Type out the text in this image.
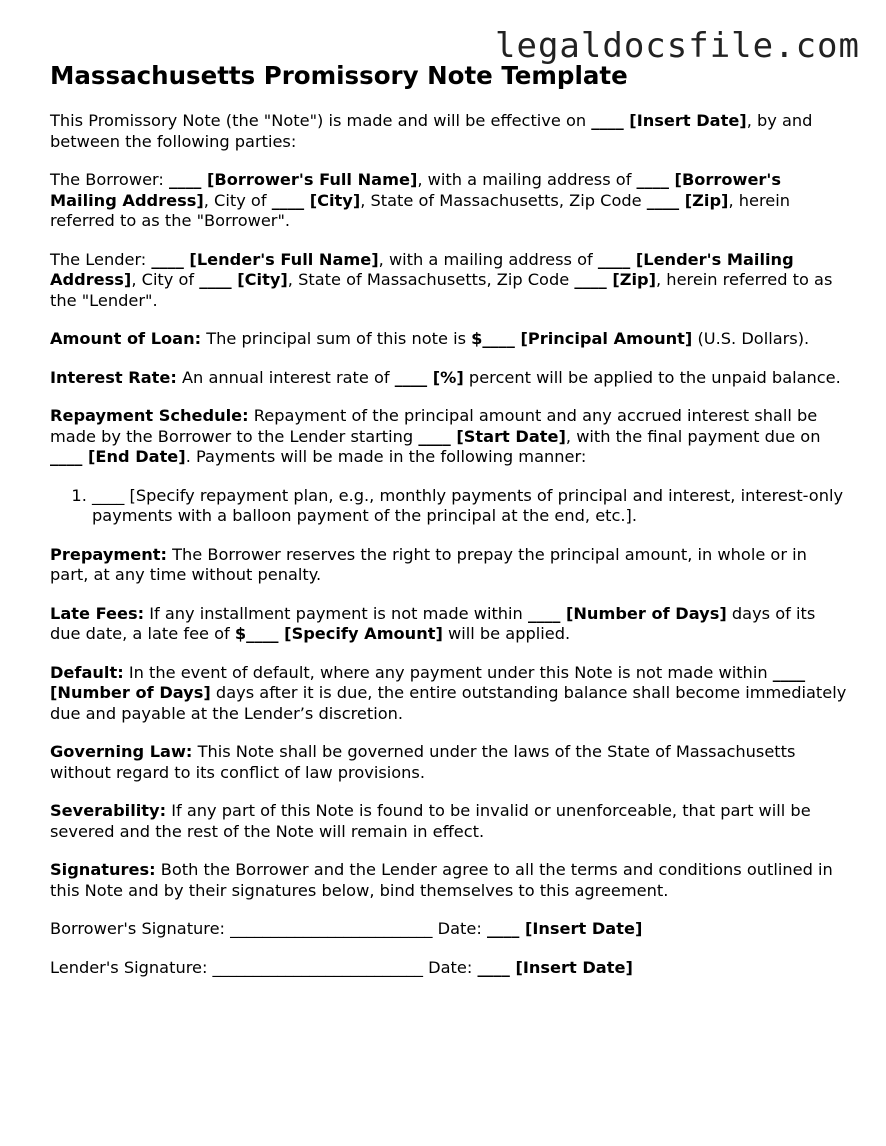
legaldocsfile.com
Massachusetts Promissory Note Template

This Promissory Note (the "Note") is made and will be effective on ____ [Insert Date], by and between the following parties:

The Borrower: ____ [Borrower's Full Name], with a mailing address of ____ [Borrower's Mailing Address], City of ____ [City], State of Massachusetts, Zip Code ____ [Zip], herein referred to as the "Borrower".

The Lender: ____ [Lender's Full Name], with a mailing address of ____ [Lender's Mailing Address], City of ____ [City], State of Massachusetts, Zip Code ____ [Zip], herein referred to as the "Lender".

Amount of Loan: The principal sum of this note is $____ [Principal Amount] (U.S. Dollars).

Interest Rate: An annual interest rate of ____ [%] percent will be applied to the unpaid balance.

Repayment Schedule: Repayment of the principal amount and any accrued interest shall be made by the Borrower to the Lender starting ____ [Start Date], with the final payment due on ____ [End Date]. Payments will be made in the following manner:

1. ____ [Specify repayment plan, e.g., monthly payments of principal and interest, interest-only payments with a balloon payment of the principal at the end, etc.].

Prepayment: The Borrower reserves the right to prepay the principal amount, in whole or in part, at any time without penalty.

Late Fees: If any installment payment is not made within ____ [Number of Days] days of its due date, a late fee of $____ [Specify Amount] will be applied.

Default: In the event of default, where any payment under this Note is not made within ____ [Number of Days] days after it is due, the entire outstanding balance shall become immediately due and payable at the Lender’s discretion.

Governing Law: This Note shall be governed under the laws of the State of Massachusetts without regard to its conflict of law provisions.

Severability: If any part of this Note is found to be invalid or unenforceable, that part will be severed and the rest of the Note will remain in effect.

Signatures: Both the Borrower and the Lender agree to all the terms and conditions outlined in this Note and by their signatures below, bind themselves to this agreement.

Borrower's Signature: _________________________ Date: ____ [Insert Date]

Lender's Signature: __________________________ Date: ____ [Insert Date]
